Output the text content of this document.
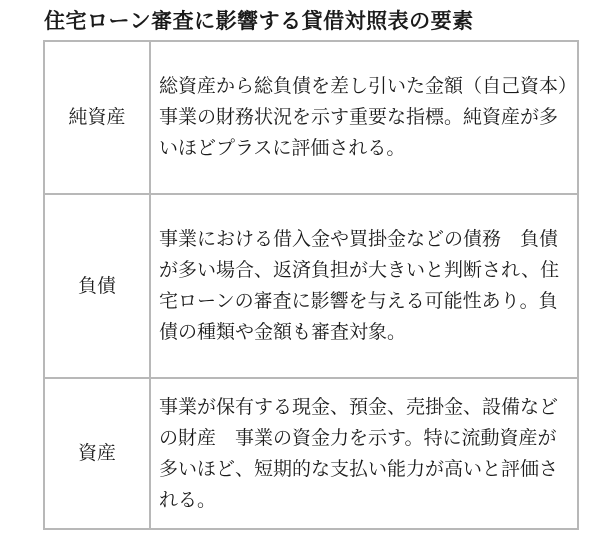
住宅ローン審査に影響する貸借対照表の要素
純資産	総資産から総負債を差し引いた金額（自己資本）　事業の財務状況を示す重要な指標。純資産が多いほどプラスに評価される。
負債	事業における借入金や買掛金などの債務　負債が多い場合、返済負担が大きいと判断され、住宅ローンの審査に影響を与える可能性あり。負債の種類や金額も審査対象。
資産	事業が保有する現金、預金、売掛金、設備などの財産　事業の資金力を示す。特に流動資産が多いほど、短期的な支払い能力が高いと評価される。
